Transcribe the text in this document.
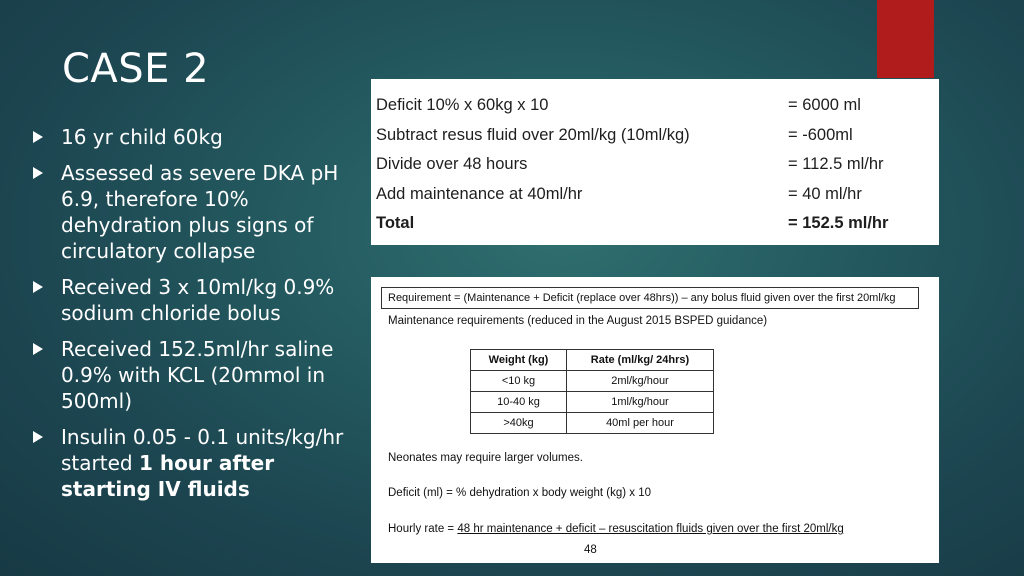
CASE 2
16 yr child 60kg
Assessed as severe DKA pH 6.9, therefore 10% dehydration plus signs of circulatory collapse
Received 3 x 10ml/kg 0.9% sodium chloride bolus
Received 152.5ml/hr saline 0.9% with KCL (20mmol in 500ml)
Insulin 0.05 - 0.1 units/kg/hr started 1 hour after starting IV fluids
Deficit 10% x 60kg x 10	= 6000 ml
Subtract resus fluid over 20ml/kg (10ml/kg)	= -600ml
Divide over 48 hours	= 112.5 ml/hr
Add maintenance at 40ml/hr	= 40 ml/hr
Total	= 152.5 ml/hr
Requirement = (Maintenance + Deficit (replace over 48hrs)) – any bolus fluid given over the first 20ml/kg
Maintenance requirements (reduced in the August 2015 BSPED guidance)
Weight (kg)	Rate (ml/kg/ 24hrs)
<10 kg	2ml/kg/hour
10-40 kg	1ml/kg/hour
>40kg	40ml per hour
Neonates may require larger volumes.
Deficit (ml) = % dehydration x body weight (kg) x 10
Hourly rate = 48 hr maintenance + deficit – resuscitation fluids given over the first 20ml/kg
48
